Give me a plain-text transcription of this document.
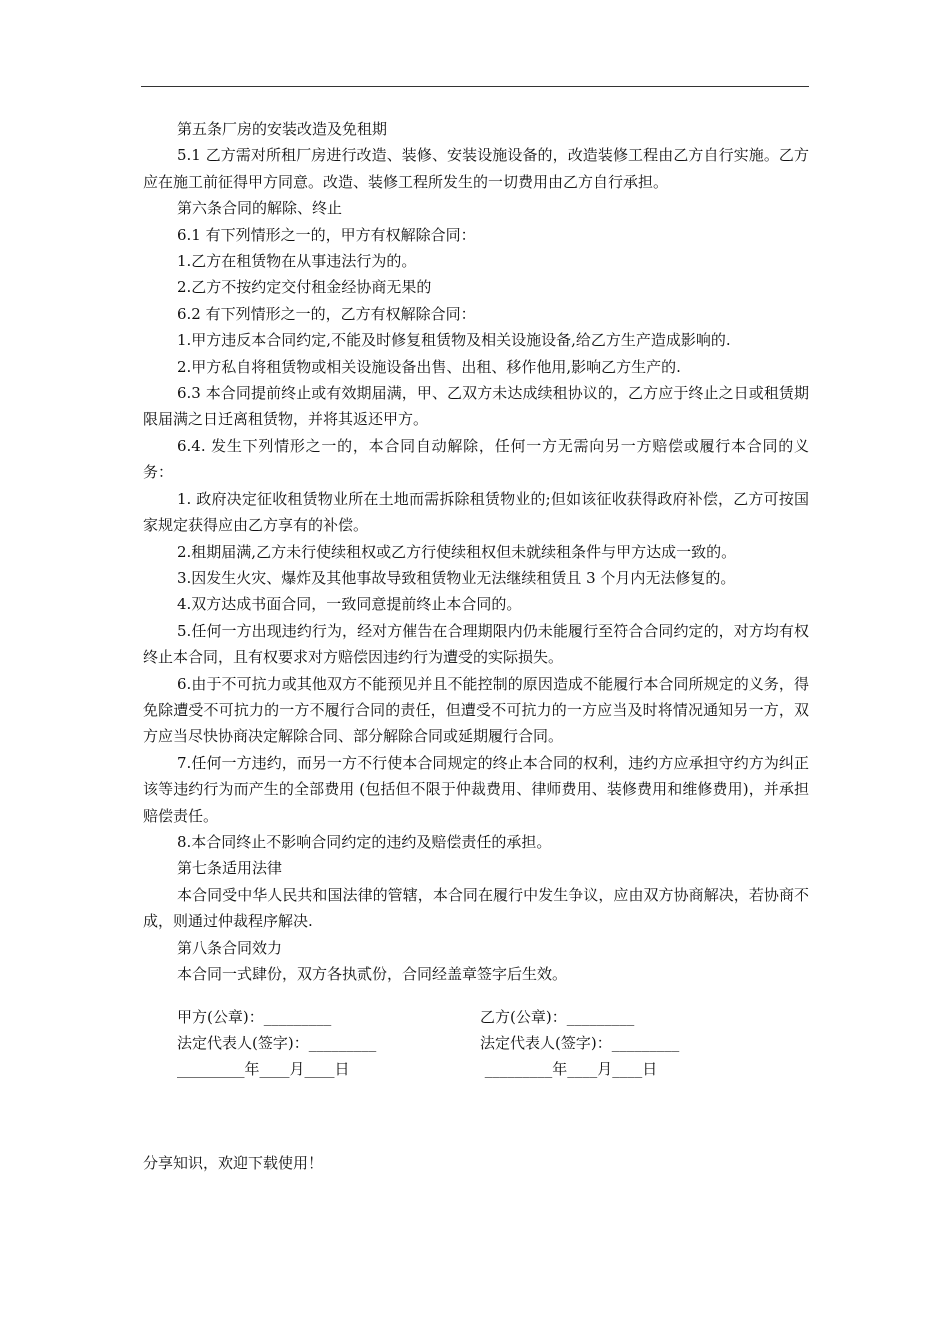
第五条厂房的安装改造及免租期

5.1 乙方需对所租厂房进行改造、装修、安装设施设备的，改造装修工程由乙方自行实施。乙方应在施工前征得甲方同意。改造、装修工程所发生的一切费用由乙方自行承担。

第六条合同的解除、终止

6.1 有下列情形之一的，甲方有权解除合同：

1.乙方在租赁物在从事违法行为的。

2.乙方不按约定交付租金经协商无果的

6.2 有下列情形之一的，乙方有权解除合同：

1.甲方违反本合同约定,不能及时修复租赁物及相关设施设备,给乙方生产造成影响的.

2.甲方私自将租赁物或相关设施设备出售、出租、移作他用,影响乙方生产的.

6.3 本合同提前终止或有效期届满，甲、乙双方未达成续租协议的，乙方应于终止之日或租赁期限届满之日迁离租赁物，并将其返还甲方。

6.4. 发生下列情形之一的，本合同自动解除，任何一方无需向另一方赔偿或履行本合同的义务：

1. 政府决定征收租赁物业所在土地而需拆除租赁物业的;但如该征收获得政府补偿，乙方可按国家规定获得应由乙方享有的补偿。

2.租期届满,乙方未行使续租权或乙方行使续租权但未就续租条件与甲方达成一致的。

3.因发生火灾、爆炸及其他事故导致租赁物业无法继续租赁且 3 个月内无法修复的。

4.双方达成书面合同，一致同意提前终止本合同的。

5.任何一方出现违约行为，经对方催告在合理期限内仍未能履行至符合合同约定的，对方均有权终止本合同，且有权要求对方赔偿因违约行为遭受的实际损失。

6.由于不可抗力或其他双方不能预见并且不能控制的原因造成不能履行本合同所规定的义务，得免除遭受不可抗力的一方不履行合同的责任，但遭受不可抗力的一方应当及时将情况通知另一方，双方应当尽快协商决定解除合同、部分解除合同或延期履行合同。

7.任何一方违约，而另一方不行使本合同规定的终止本合同的权利，违约方应承担守约方为纠正该等违约行为而产生的全部费用 (包括但不限于仲裁费用、律师费用、装修费用和维修费用)，并承担赔偿责任。

8.本合同终止不影响合同约定的违约及赔偿责任的承担。

第七条适用法律

本合同受中华人民共和国法律的管辖，本合同在履行中发生争议，应由双方协商解决，若协商不成，则通过仲裁程序解决.

第八条合同效力

本合同一式肆份，双方各执贰份，合同经盖章签字后生效。

甲方(公章)：_________	乙方(公章)：_________
法定代表人(签字)：_________	法定代表人(签字)：_________
_________年____月____日	_________年____月____日
分享知识，欢迎下载使用！
